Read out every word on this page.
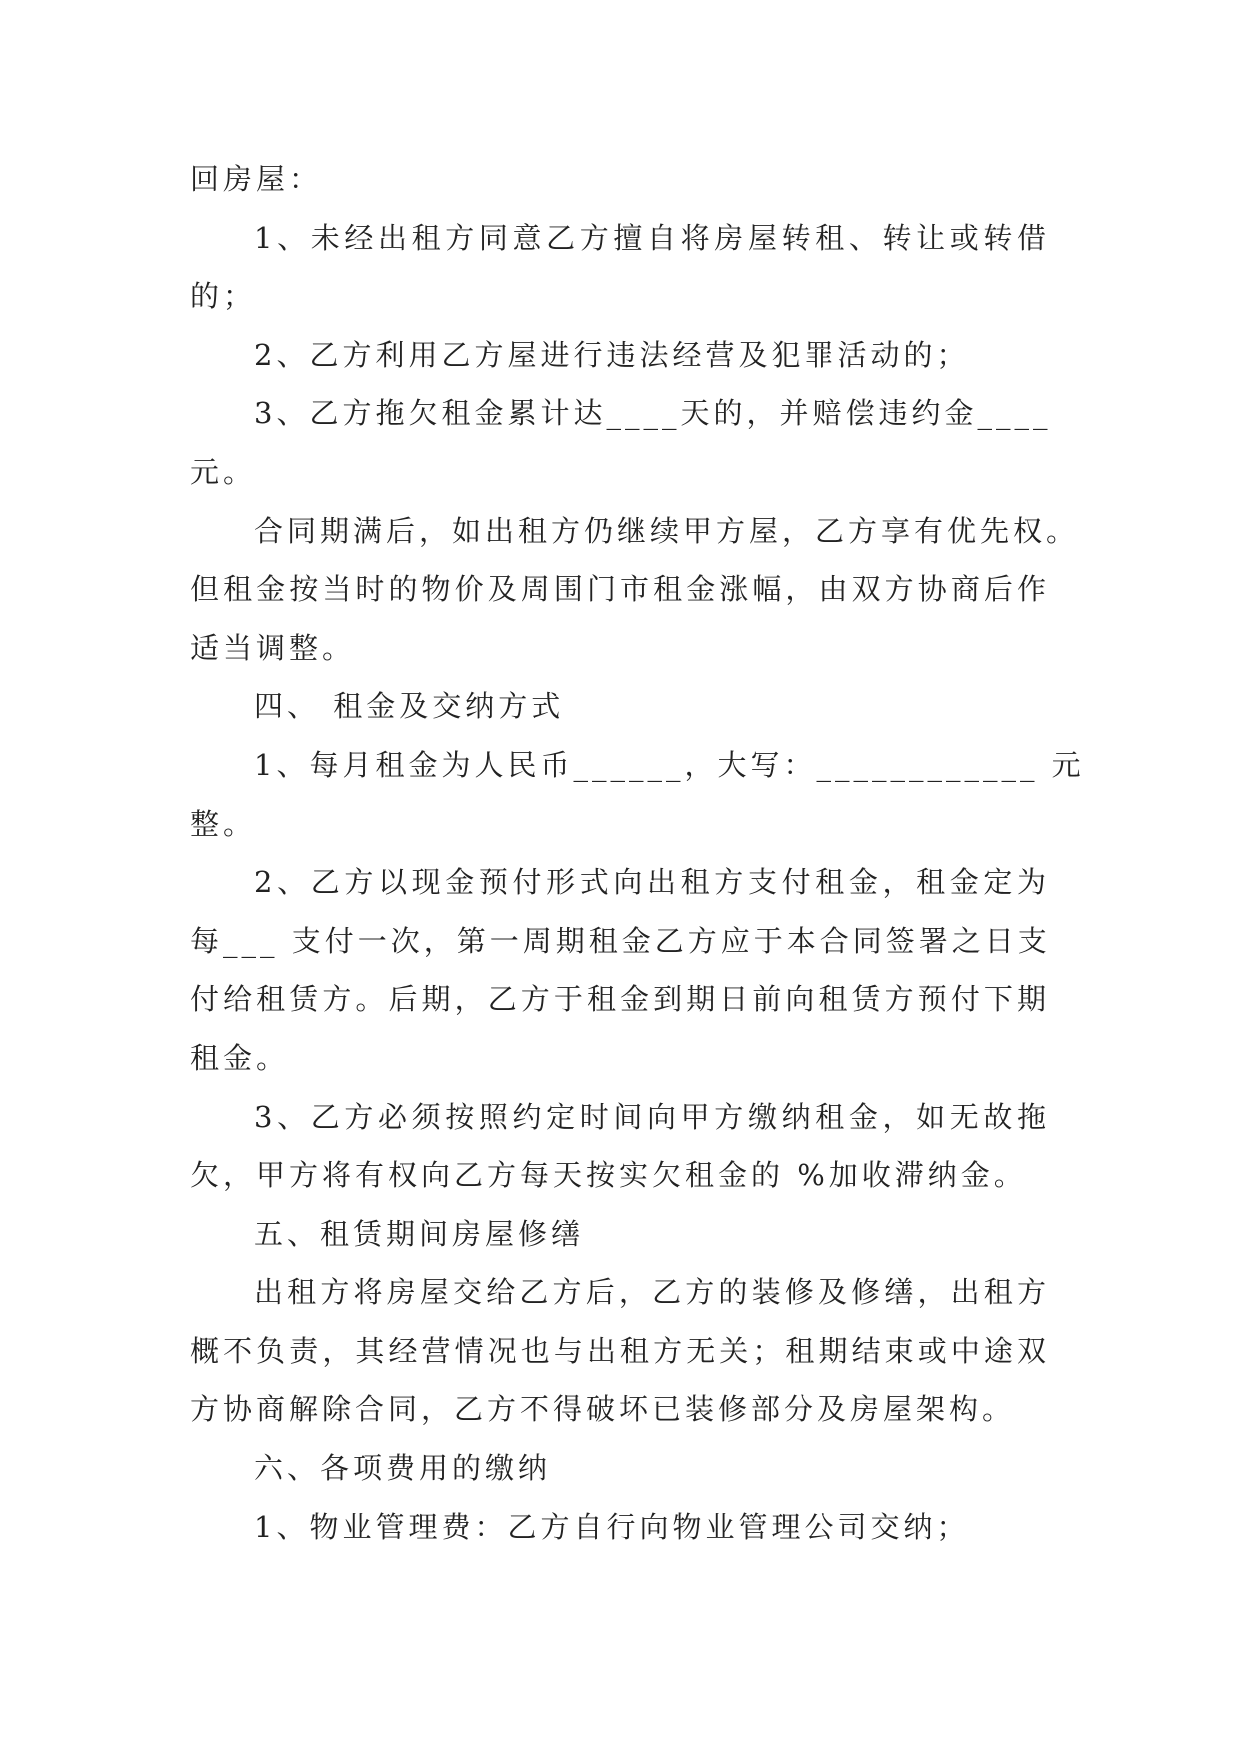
回房屋：
1、未经出租方同意乙方擅自将房屋转租、转让或转借
的；
2、乙方利用乙方屋进行违法经营及犯罪活动的；
3、乙方拖欠租金累计达____天的，并赔偿违约金____
元。
合同期满后，如出租方仍继续甲方屋，乙方享有优先权。
但租金按当时的物价及周围门市租金涨幅，由双方协商后作
适当调整。
四、 租金及交纳方式
1、每月租金为人民币______，大写：____________ 元
整。
2、乙方以现金预付形式向出租方支付租金，租金定为
每___ 支付一次，第一周期租金乙方应于本合同签署之日支
付给租赁方。后期，乙方于租金到期日前向租赁方预付下期
租金。
3、乙方必须按照约定时间向甲方缴纳租金，如无故拖
欠，甲方将有权向乙方每天按实欠租金的 %加收滞纳金。
五、租赁期间房屋修缮
出租方将房屋交给乙方后，乙方的装修及修缮，出租方
概不负责，其经营情况也与出租方无关；租期结束或中途双
方协商解除合同，乙方不得破坏已装修部分及房屋架构。
六、各项费用的缴纳
1、物业管理费：乙方自行向物业管理公司交纳；
